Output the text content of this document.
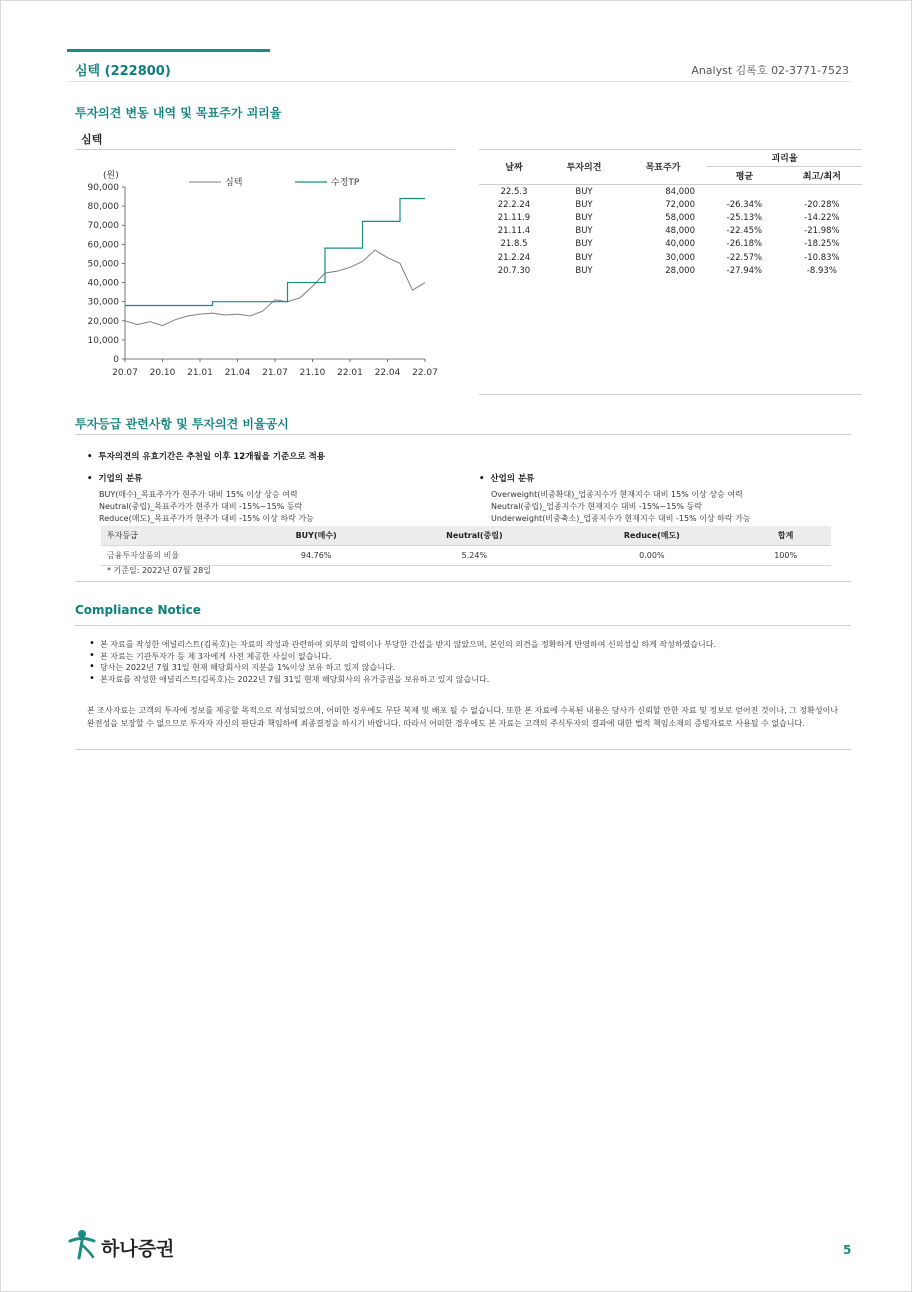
심텍 (222800)	Analyst 김록호 02-3771-7523
투자의견 변동 내역 및 목표주가 괴리율
심텍
(원)
0
10,000
20,000
30,000
40,000
50,000
60,000
70,000
80,000
90,000
20.07 20.10 21.01 21.04 21.07 21.10 22.01 22.04 22.07
심텍	수정TP
날짜	투자의견	목표주가	괴리율	
			평균	최고/최저
22.5.3	BUY	84,000		
22.2.24	BUY	72,000	-26.34%	-20.28%
21.11.9	BUY	58,000	-25.13%	-14.22%
21.11.4	BUY	48,000	-22.45%	-21.98%
21.8.5	BUY	40,000	-26.18%	-18.25%
21.2.24	BUY	30,000	-22.57%	-10.83%
20.7.30	BUY	28,000	-27.94%	-8.93%
투자등급 관련사항 및 투자의견 비율공시
•  투자의견의 유효기간은 추천일 이후 12개월을 기준으로 적용
•  기업의 분류
BUY(매수)_목표주가가 현주가 대비 15% 이상 상승 여력
Neutral(중립)_목표주가가 현주가 대비 -15%~15% 등락
Reduce(매도)_목표주가가 현주가 대비 -15% 이상 하락 가능
•  산업의 분류
Overweight(비중확대)_업종지수가 현재지수 대비 15% 이상 상승 여력
Neutral(중립)_업종지수가 현재지수 대비 -15%~15% 등락
Underweight(비중축소)_업종지수가 현재지수 대비 -15% 이상 하락 가능
투자등급	BUY(매수)	Neutral(중립)	Reduce(매도)	합계
금융투자상품의 비율	94.76%	5.24%	0.00%	100%
* 기준일: 2022년 07월 28일
Compliance Notice
• 본 자료를 작성한 애널리스트(김록호)는 자료의 작성과 관련하여 외부의 압력이나 부당한 간섭을 받지 않았으며, 본인의 의견을 정확하게 반영하여 신의성실 하게 작성하였습니다.
• 본 자료는 기관투자가 등 제 3자에게 사전 제공한 사실이 없습니다.
• 당사는 2022년 7월 31일 현재 해당회사의 지분을 1%이상 보유 하고 있지 않습니다.
• 본자료를 작성한 애널리스트(김록호)는 2022년 7월 31일 현재 해당회사의 유가증권을 보유하고 있지 않습니다.
본 조사자료는 고객의 투자에 정보를 제공할 목적으로 작성되었으며, 어떠한 경우에도 무단 복제 및 배포 될 수 없습니다. 또한 본 자료에 수록된 내용은 당사가 신뢰할 만한 자료 및 정보로 얻어진 것이나, 그 정확성이나 완전성을 보장할 수 없으므로 투자자 자신의 판단과 책임하에 최종결정을 하시기 바랍니다. 따라서 어떠한 경우에도 본 자료는 고객의 주식투자의 결과에 대한 법적 책임소재의 증빙자료로 사용될 수 없습니다.
하나증권	5
